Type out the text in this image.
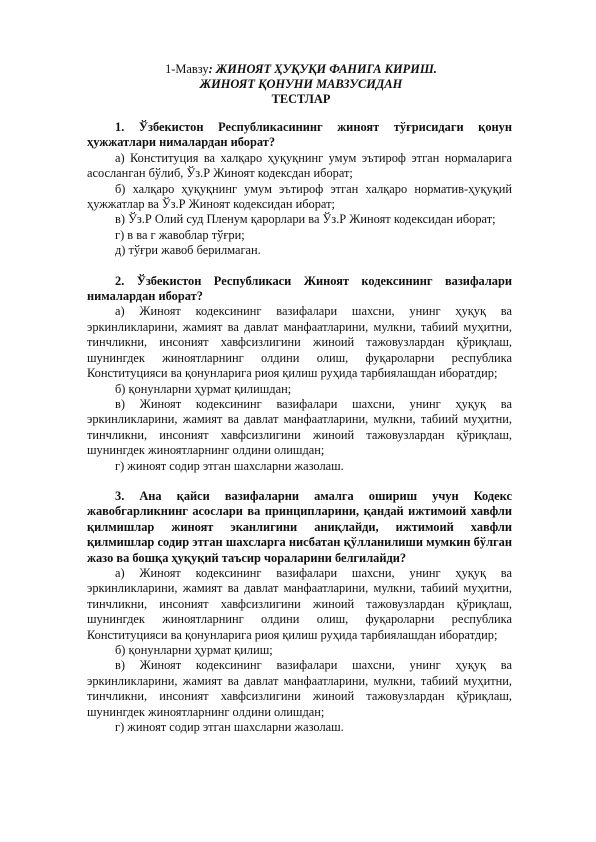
1-Мавзу: ЖИНОЯТ ҲУҚУҚИ ФАНИГА КИРИШ.
ЖИНОЯТ ҚОНУНИ МАВЗУСИДАН
ТЕСТЛАР
1. Ўзбекистон Республикасининг жиноят тўғрисидаги қонун ҳужжатлари нималардан иборат?
а) Конституция ва халқаро ҳуқуқнинг умум эътироф этган нормаларига асосланган бўлиб, Ўз.Р Жиноят кодексдан иборат;
б) халқаро ҳуқуқнинг умум эътироф этган халқаро норматив-ҳуқуқий ҳужжатлар ва Ўз.Р Жиноят кодексидан иборат;
в) Ўз.Р Олий суд Пленум қарорлари ва Ўз.Р Жиноят кодексидан иборат;
г) в ва г жавоблар тўғри;
д) тўғри жавоб берилмаган.
2. Ўзбекистон Республикаси Жиноят кодексининг вазифалари нималардан иборат?
а) Жиноят кодексининг вазифалари шахсни, унинг ҳуқуқ ва эркинликларини, жамият ва давлат манфаатларини, мулкни, табиий муҳитни, тинчликни, инсоният хавфсизлигини жиноий тажовузлардан қўриқлаш, шунингдек жиноятларнинг олдини олиш, фуқароларни республика Конституцияси ва қонунларига риоя қилиш руҳида тарбиялашдан иборатдир;
б) қонунларни ҳурмат қилишдан;
в) Жиноят кодексининг вазифалари шахсни, унинг ҳуқуқ ва эркинликларини, жамият ва давлат манфаатларини, мулкни, табиий муҳитни, тинчликни, инсоният хавфсизлигини жиноий тажовузлардан қўриқлаш, шунингдек жиноятларнинг олдини олишдан;
г) жиноят содир этган шахсларни жазолаш.
3. Ана қайси вазифаларни амалга ошириш учун Кодекс жавобгарликнинг асослари ва принципларини, қандай ижтимоий хавфли қилмишлар жиноят эканлигини аниқлайди, ижтимоий хавфли қилмишлар содир этган шахсларга нисбатан қўлланилиши мумкин бўлган жазо ва бошқа ҳуқуқий таъсир чораларини белгилайди?
а) Жиноят кодексининг вазифалари шахсни, унинг ҳуқуқ ва эркинликларини, жамият ва давлат манфаатларини, мулкни, табиий муҳитни, тинчликни, инсоният хавфсизлигини жиноий тажовузлардан қўриқлаш, шунингдек жиноятларнинг олдини олиш, фуқароларни республика Конституцияси ва қонунларига риоя қилиш руҳида тарбиялашдан иборатдир;
б) қонунларни ҳурмат қилиш;
в) Жиноят кодексининг вазифалари шахсни, унинг ҳуқуқ ва эркинликларини, жамият ва давлат манфаатларини, мулкни, табиий муҳитни, тинчликни, инсоният хавфсизлигини жиноий тажовузлардан қўриқлаш, шунингдек жиноятларнинг олдини олишдан;
г) жиноят содир этган шахсларни жазолаш.
